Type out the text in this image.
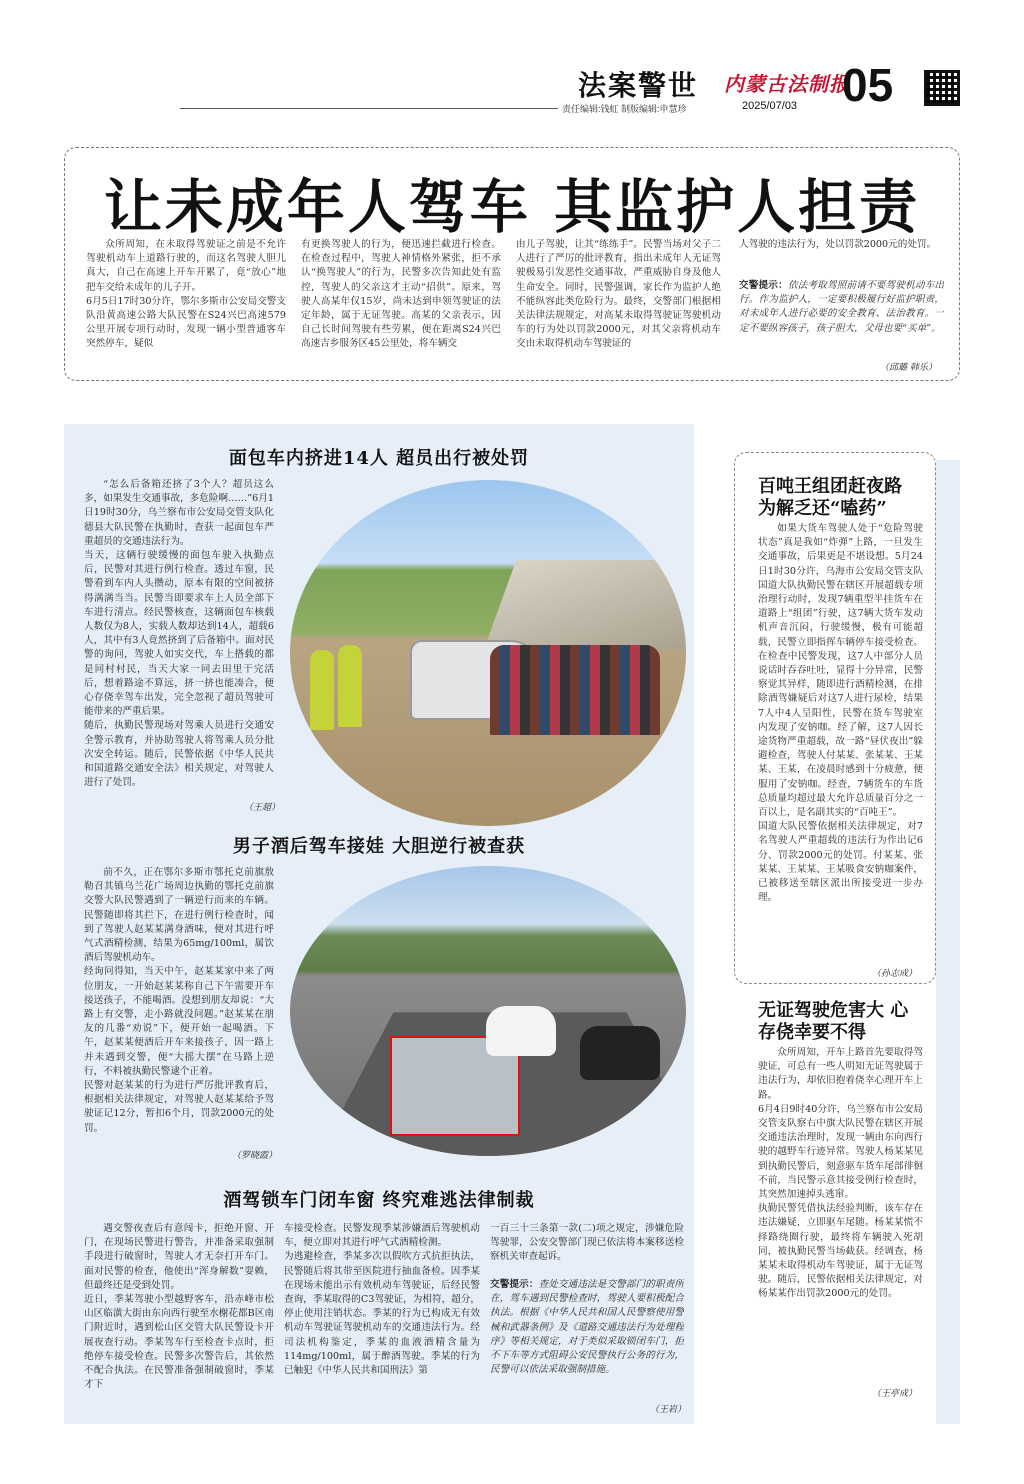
法案警世 内蒙古法制报
05
责任编辑:钱虹 制版编辑:申慧珍	2025/07/03
让未成年人驾车 其监护人担责

众所周知，在未取得驾驶证之前是不允许驾驶机动车上道路行驶的，而这名驾驶人胆儿真大，自己在高速上开车开累了，竟“放心”地把车交给未成年的儿子开。
6月5日17时30分许，鄂尔多斯市公安局交警支队沿黄高速公路大队民警在S24兴巴高速579公里开展专项行动时，发现一辆小型普通客车突然停车，疑似

有更换驾驶人的行为，便迅速拦截进行检查。在检查过程中，驾驶人神情格外紧张，拒不承认“换驾驶人”的行为，民警多次告知此处有监控，驾驶人的父亲这才主动“招供”。原来，驾驶人高某年仅15岁，尚未达到申领驾驶证的法定年龄，属于无证驾驶。高某的父亲表示，因自己长时间驾驶有些劳累，便在距离S24兴巴高速吉乡服务区45公里处，将车辆交

由儿子驾驶，让其“练练手”。民警当场对父子二人进行了严厉的批评教育，指出未成年人无证驾驶极易引发恶性交通事故，严重威胁自身及他人生命安全。同时，民警强调，家长作为监护人绝不能纵容此类危险行为。最终，交警部门根据相关法律法规规定，对高某未取得驾驶证驾驶机动车的行为处以罚款2000元，对其父亲将机动车交由未取得机动车驾驶证的

人驾驶的违法行为，处以罚款2000元的处罚。

交警提示：依法考取驾照前请不要驾驶机动车出行。作为监护人，一定要积极履行好监护职责，对未成年人进行必要的安全教育、法治教育。一定不要纵容孩子，孩子胆大，父母也要“买单”。
（邱璐 韩乐）
面包车内挤进14人 超员出行被处罚

“怎么后备箱还挤了3个人？超员这么多，如果发生交通事故，多危险啊……”6月1日19时30分，乌兰察布市公安局交管支队化德县大队民警在执勤时，查获一起面包车严重超员的交通违法行为。
当天，这辆行驶缓慢的面包车驶入执勤点后，民警对其进行例行检查。透过车窗，民警看到车内人头攒动，原本有限的空间被挤得满满当当。民警当即要求车上人员全部下车进行清点。经民警核查，这辆面包车核载人数仅为8人，实载人数却达到14人，超载6人，其中有3人竟然挤到了后备箱中。面对民警的询问，驾驶人如实交代，车上搭载的都是同村村民，当天大家一同去田里干完活后，想着路途不算远，挤一挤也能凑合，便心存侥幸驾车出发，完全忽视了超员驾驶可能带来的严重后果。
随后，执勤民警现场对驾乘人员进行交通安全警示教育，并协助驾驶人将驾乘人员分批次安全转运。随后，民警依据《中华人民共和国道路交通安全法》相关规定，对驾驶人进行了处罚。

（王超）
男子酒后驾车接娃 大胆逆行被查获

前不久，正在鄂尔多斯市鄂托克前旗敖勒召其镇乌兰花广场周边执勤的鄂托克前旗交警大队民警遇到了一辆逆行而来的车辆。民警随即将其拦下，在进行例行检查时，闻到了驾驶人赵某某满身酒味，便对其进行呼气式酒精检测，结果为65mg/100ml，属饮酒后驾驶机动车。
经询问得知，当天中午，赵某某家中来了两位朋友，一开始赵某某称自己下午需要开车接送孩子，不能喝酒。没想到朋友却说：“大路上有交警，走小路就没问题。”赵某某在朋友的几番“劝说”下，便开始一起喝酒。下午，赵某某便酒后开车来接孩子，因一路上并未遇到交警，便“大摇大摆”在马路上逆行，不料被执勤民警逮个正着。
民警对赵某某的行为进行严厉批评教育后，根据相关法律规定，对驾驶人赵某某给予驾驶证记12分，暂扣6个月，罚款2000元的处罚。

（罗晓霞）
酒驾锁车门闭车窗 终究难逃法律制裁

遇交警夜查后有意闯卡，拒绝开窗、开门，在现场民警进行警告，并准备采取强制手段进行破窗时，驾驶人才无奈打开车门。面对民警的检查，他使出“浑身解数”耍赖，但最终还是受到处罚。
近日，季某驾驶小型越野客车，沿赤峰市松山区临潢大街由东向西行驶至水榭花都B区南门附近时，遇到松山区交管大队民警设卡开展夜查行动。季某驾车行至检查卡点时，拒绝停车接受检查。民警多次警告后，其依然不配合执法。在民警准备强制破窗时，季某才下

车接受检查。民警发现季某涉嫌酒后驾驶机动车，便立即对其进行呼气式酒精检测。
为逃避检查，季某多次以假吹方式抗拒执法，民警随后将其带至医院进行抽血备检。因季某在现场未能出示有效机动车驾驶证，后经民警查询，季某取得的C3驾驶证，为相符，超分，停止使用注销状态。季某的行为已构成无有效机动车驾驶证驾驶机动车的交通违法行为。经司法机构鉴定，季某的血液酒精含量为114mg/100ml，属于醉酒驾驶。季某的行为已触犯《中华人民共和国刑法》第

一百三十三条第一款(二)项之规定，涉嫌危险驾驶罪，公安交警部门现已依法将本案移送检察机关审查起诉。

交警提示：查处交通违法是交警部门的职责所在，驾车遇到民警检查时，驾驶人要积极配合执法。根据《中华人民共和国人民警察使用警械和武器条例》及《道路交通违法行为处理程序》等相关规定，对于类似采取锁闭车门，拒不下车等方式阻碍公安民警执行公务的行为，民警可以依法采取强制措施。
（王岩）
百吨王组团赶夜路 为解乏还“嗑药”

如果大货车驾驶人处于“危险驾驶状态”真是我如“炸弹”上路，一旦发生交通事故，后果更是不堪设想。5月24日1时30分许，乌海市公安局交管支队国道大队执勤民警在辖区开展超载专项治理行动时，发现7辆重型半挂货车在道路上“组团”行驶，这7辆大货车发动机声音沉闷，行驶缓慢，极有可能超载，民警立即指挥车辆停车接受检查。在检查中民警发现，这7人中部分人员说话时吞吞吐吐，显得十分异常，民警察觉其异样，随即进行酒精检测，在排除酒驾嫌疑后对这7人进行尿检，结果7人中4人呈阳性，民警在货车驾驶室内发现了安钠咖。经了解，这7人因长途货物严重超载，故一路“昼伏夜出”躲避检查，驾驶人付某某、张某某、王某某、王某，在凌晨时感到十分疲惫，便服用了安钠咖。经查，7辆货车的车货总质量均超过最大允许总质量百分之一百以上，是名副其实的“百吨王”。
国道大队民警依据相关法律规定，对7名驾驶人严重超载的违法行为作出记6分、罚款2000元的处罚。付某某、张某某、王某某、王某吸食安钠咖案件，已被移送至辖区派出所接受进一步办理。

（孙志成）
无证驾驶危害大 心存侥幸要不得

众所周知，开车上路首先要取得驾驶证，可总有一些人明知无证驾驶属于违法行为，却依旧抱着侥幸心理开车上路。
6月4日9时40分许，乌兰察布市公安局交管支队察右中旗大队民警在辖区开展交通违法治理时，发现一辆由东向西行驶的越野车行迹异常。驾驶人杨某某见到执勤民警后，刻意驱车货车尾部徘徊不前，当民警示意其接受例行检查时，其突然加速掉头逃窜。
执勤民警凭借执法经验判断，该车存在违法嫌疑，立即驱车尾随。杨某某慌不择路绕圈行驶，最终将车辆驶入死胡同，被执勤民警当场截获。经调查，杨某某未取得机动车驾驶证，属于无证驾驶。随后，民警依据相关法律规定，对杨某某作出罚款2000元的处罚。

（王亭成）
